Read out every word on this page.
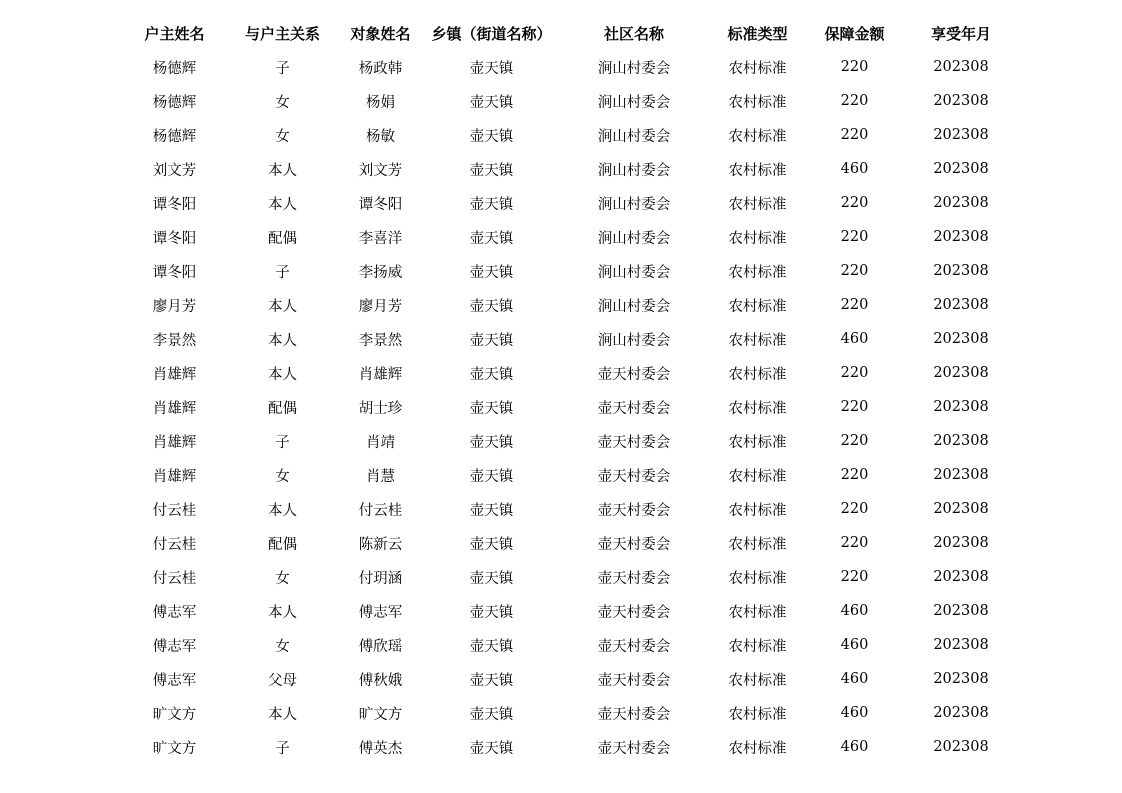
户主姓名	与户主关系	对象姓名	乡镇（街道名称）	社区名称	标准类型	保障金额	享受年月
杨德辉	子	杨政韩	壶天镇	涧山村委会	农村标准	220	202308
杨德辉	女	杨娟	壶天镇	涧山村委会	农村标准	220	202308
杨德辉	女	杨敏	壶天镇	涧山村委会	农村标准	220	202308
刘文芳	本人	刘文芳	壶天镇	涧山村委会	农村标准	460	202308
谭冬阳	本人	谭冬阳	壶天镇	涧山村委会	农村标准	220	202308
谭冬阳	配偶	李喜洋	壶天镇	涧山村委会	农村标准	220	202308
谭冬阳	子	李扬威	壶天镇	涧山村委会	农村标准	220	202308
廖月芳	本人	廖月芳	壶天镇	涧山村委会	农村标准	220	202308
李景然	本人	李景然	壶天镇	涧山村委会	农村标准	460	202308
肖雄辉	本人	肖雄辉	壶天镇	壶天村委会	农村标准	220	202308
肖雄辉	配偶	胡士珍	壶天镇	壶天村委会	农村标准	220	202308
肖雄辉	子	肖靖	壶天镇	壶天村委会	农村标准	220	202308
肖雄辉	女	肖慧	壶天镇	壶天村委会	农村标准	220	202308
付云桂	本人	付云桂	壶天镇	壶天村委会	农村标准	220	202308
付云桂	配偶	陈新云	壶天镇	壶天村委会	农村标准	220	202308
付云桂	女	付玥涵	壶天镇	壶天村委会	农村标准	220	202308
傅志军	本人	傅志军	壶天镇	壶天村委会	农村标准	460	202308
傅志军	女	傅欣瑶	壶天镇	壶天村委会	农村标准	460	202308
傅志军	父母	傅秋娥	壶天镇	壶天村委会	农村标准	460	202308
旷文方	本人	旷文方	壶天镇	壶天村委会	农村标准	460	202308
旷文方	子	傅英杰	壶天镇	壶天村委会	农村标准	460	202308
